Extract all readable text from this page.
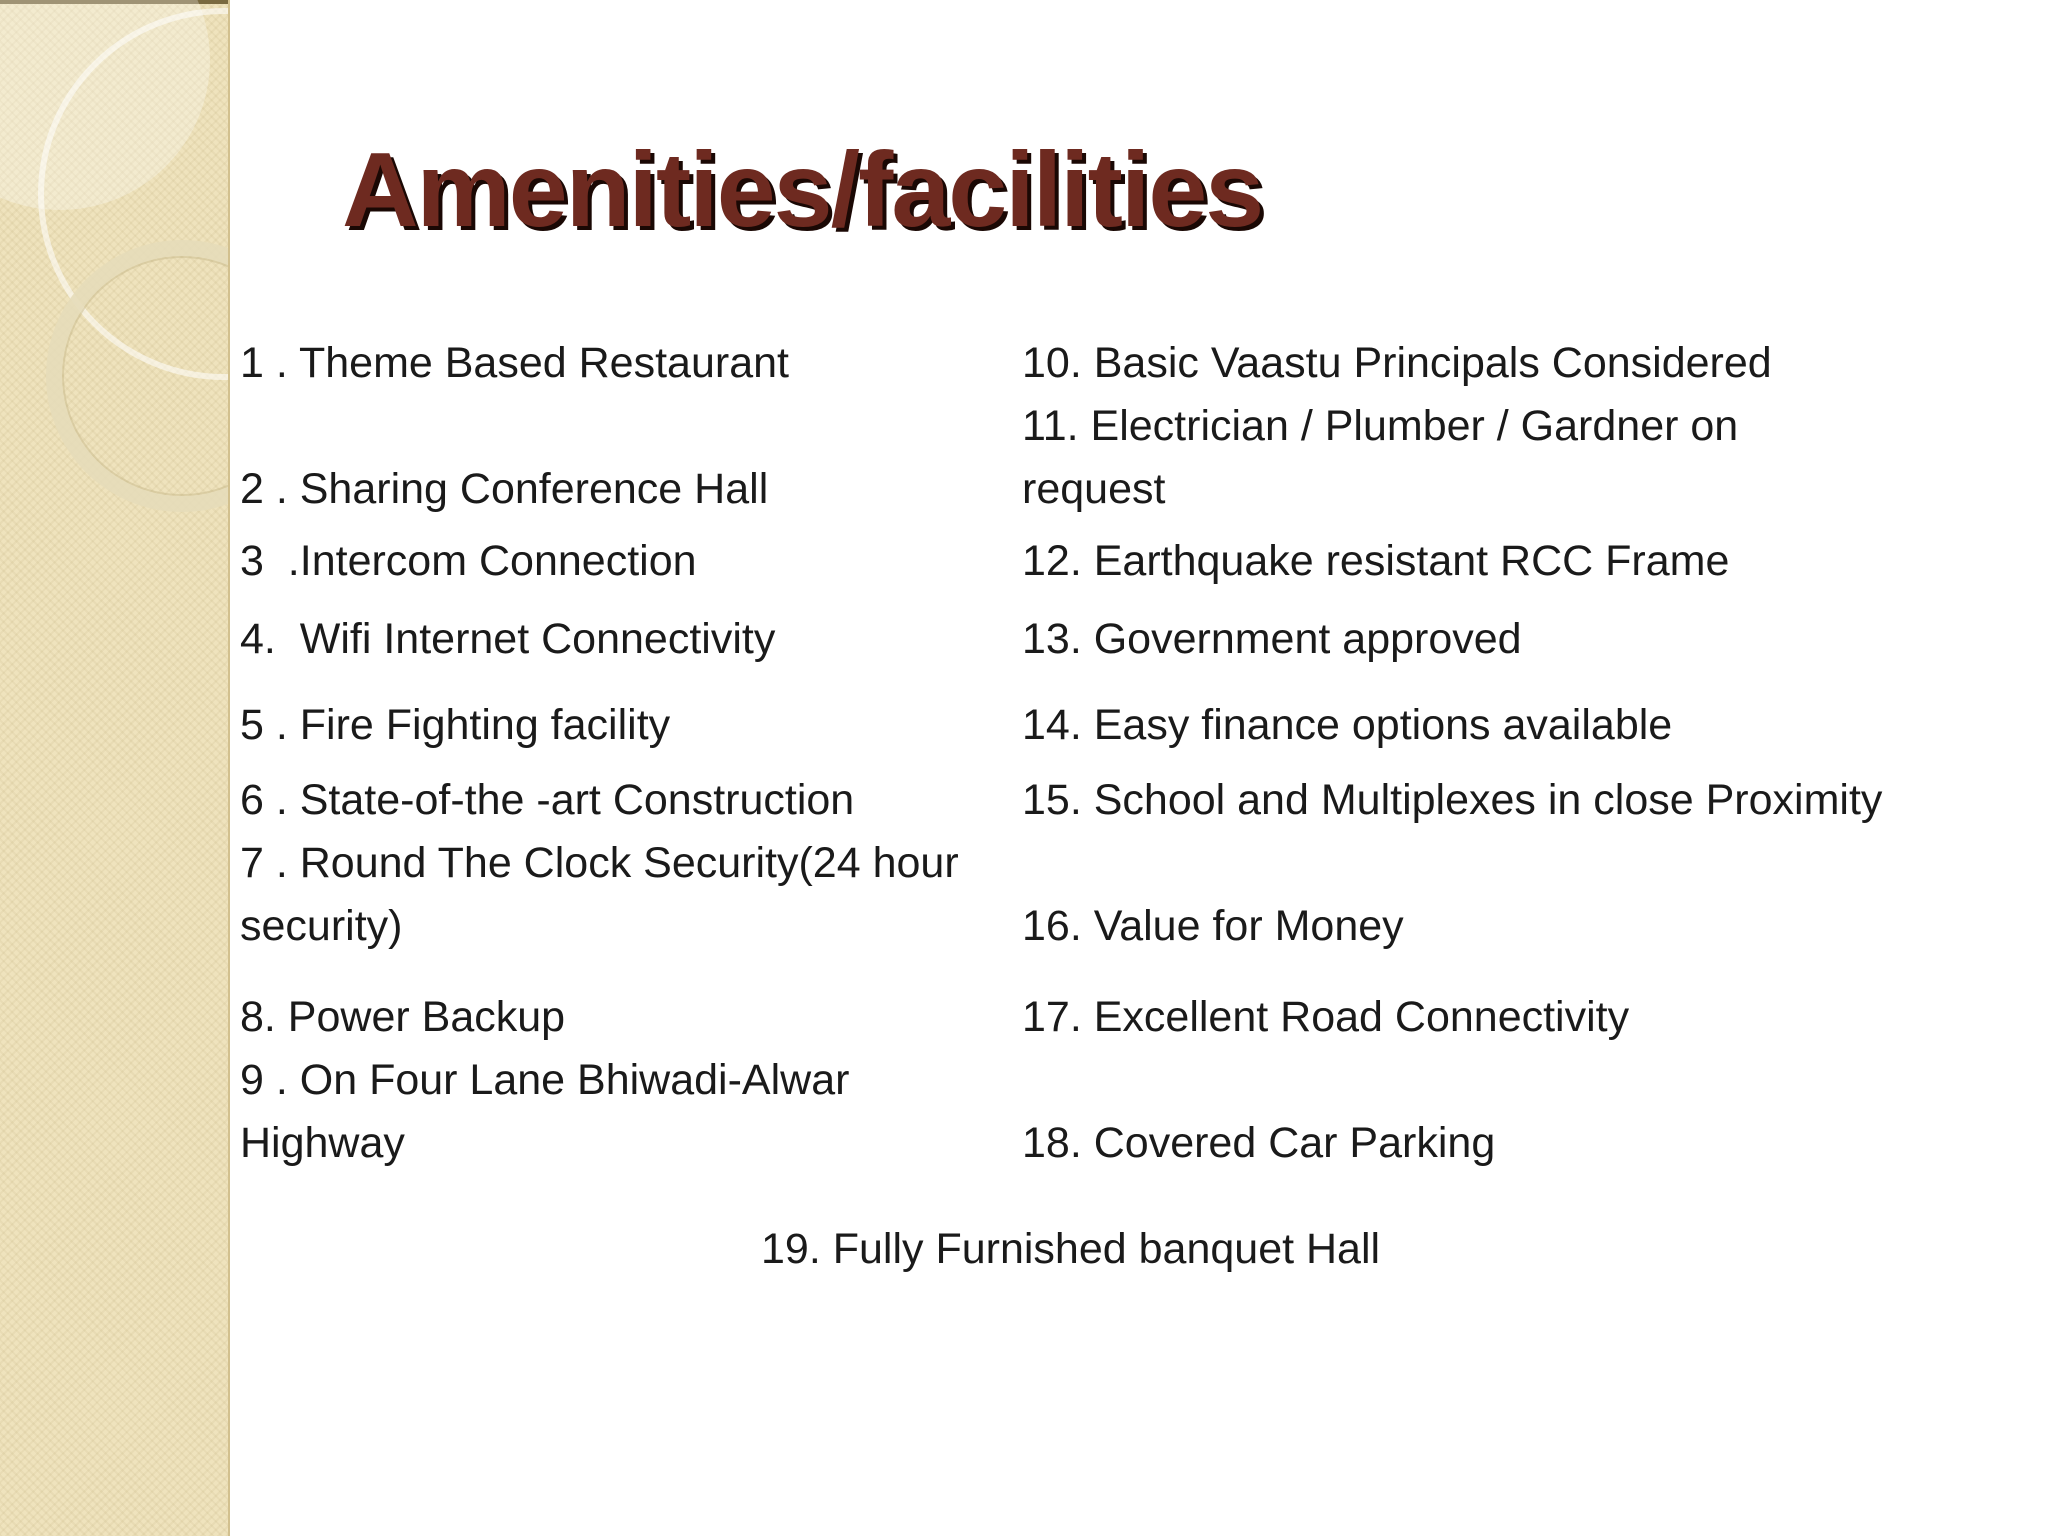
Amenities/facilities

1 . Theme Based Restaurant

2 . Sharing Conference Hall

3  .Intercom Connection

4.  Wifi Internet Connectivity

5 . Fire Fighting facility

6 . State-of-the -art Construction

7 . Round The Clock Security(24 hour
security)

8. Power Backup

9 . On Four Lane Bhiwadi-Alwar
Highway

10. Basic Vaastu Principals Considered

11. Electrician / Plumber / Gardner on
request

12. Earthquake resistant RCC Frame

13. Government approved

14. Easy finance options available

15. School and Multiplexes in close Proximity

16. Value for Money

17. Excellent Road Connectivity

18. Covered Car Parking

19. Fully Furnished banquet Hall
